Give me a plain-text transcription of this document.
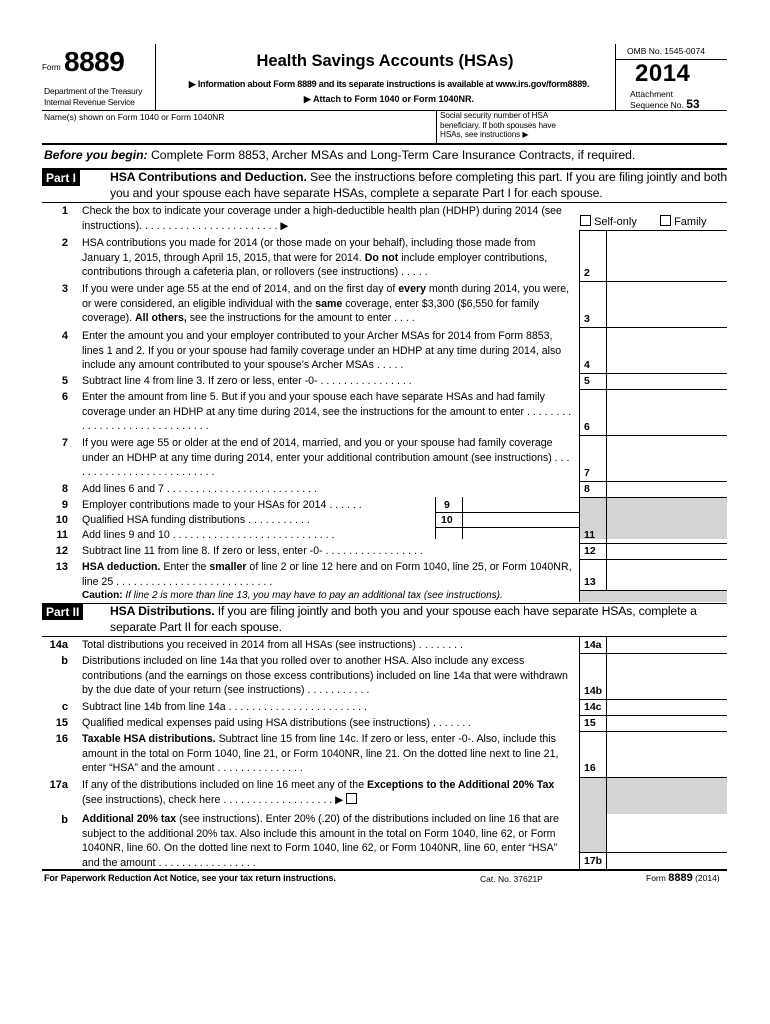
Form 8889
Department of the Treasury
Internal Revenue Service
Health Savings Accounts (HSAs)
▶ Information about Form 8889 and its separate instructions is available at www.irs.gov/form8889.
▶ Attach to Form 1040 or Form 1040NR.
OMB No. 1545-0074
2014
Attachment
Sequence No. 53
Name(s) shown on Form 1040 or Form 1040NR	Social security number of HSA beneficiary. If both spouses have HSAs, see instructions ▶
Before you begin: Complete Form 8853, Archer MSAs and Long-Term Care Insurance Contracts, if required.
Part I	HSA Contributions and Deduction. See the instructions before completing this part. If you are filing jointly and both you and your spouse each have separate HSAs, complete a separate Part I for each spouse.
1 Check the box to indicate your coverage under a high-deductible health plan (HDHP) during 2014 (see instructions). . . . . . . . . . . . . . . . . . . . . . . . ▶	Self-only	Family
2 HSA contributions you made for 2014 (or those made on your behalf), including those made from January 1, 2015, through April 15, 2015, that were for 2014. Do not include employer contributions, contributions through a cafeteria plan, or rollovers (see instructions) . . . . .	2
3 If you were under age 55 at the end of 2014, and on the first day of every month during 2014, you were, or were considered, an eligible individual with the same coverage, enter $3,300 ($6,550 for family coverage). All others, see the instructions for the amount to enter . . . .	3
4 Enter the amount you and your employer contributed to your Archer MSAs for 2014 from Form 8853, lines 1 and 2. If you or your spouse had family coverage under an HDHP at any time during 2014, also include any amount contributed to your spouse’s Archer MSAs . . . . .	4
5 Subtract line 4 from line 3. If zero or less, enter -0- . . . . . . . . . . . . . . . .	5
6 Enter the amount from line 5. But if you and your spouse each have separate HSAs and had family coverage under an HDHP at any time during 2014, see the instructions for the amount to enter . . . . . . . . . . . . . . . . . . . . . . . . . . . . . .	6
7 If you were age 55 or older at the end of 2014, married, and you or your spouse had family coverage under an HDHP at any time during 2014, enter your additional contribution amount (see instructions) . . . . . . . . . . . . . . . . . . . . . . . . . .	7
8 Add lines 6 and 7 . . . . . . . . . . . . . . . . . . . . . . . . . .	8
9 Employer contributions made to your HSAs for 2014 . . . . . .	9
10 Qualified HSA funding distributions . . . . . . . . . . .	10
11 Add lines 9 and 10 . . . . . . . . . . . . . . . . . . . . . . . . . . . .	11
12 Subtract line 11 from line 8. If zero or less, enter -0- . . . . . . . . . . . . . . . . .	12
13 HSA deduction. Enter the smaller of line 2 or line 12 here and on Form 1040, line 25, or Form 1040NR, line 25 . . . . . . . . . . . . . . . . . . . . . . . . . . .	13
Caution: If line 2 is more than line 13, you may have to pay an additional tax (see instructions).
Part II	HSA Distributions. If you are filing jointly and both you and your spouse each have separate HSAs, complete a separate Part II for each spouse.
14a Total distributions you received in 2014 from all HSAs (see instructions) . . . . . . . .	14a
b Distributions included on line 14a that you rolled over to another HSA. Also include any excess contributions (and the earnings on those excess contributions) included on line 14a that were withdrawn by the due date of your return (see instructions) . . . . . . . . . . .	14b
c Subtract line 14b from line 14a . . . . . . . . . . . . . . . . . . . . . . . .	14c
15 Qualified medical expenses paid using HSA distributions (see instructions) . . . . . . .	15
16 Taxable HSA distributions. Subtract line 15 from line 14c. If zero or less, enter -0-. Also, include this amount in the total on Form 1040, line 21, or Form 1040NR, line 21. On the dotted line next to line 21, enter “HSA” and the amount . . . . . . . . . . . . . . .	16
17a If any of the distributions included on line 16 meet any of the Exceptions to the Additional 20% Tax (see instructions), check here . . . . . . . . . . . . . . . . . . . ▶
b Additional 20% tax (see instructions). Enter 20% (.20) of the distributions included on line 16 that are subject to the additional 20% tax. Also include this amount in the total on Form 1040, line 62, or Form 1040NR, line 60. On the dotted line next to Form 1040, line 62, or Form 1040NR, line 60, enter “HSA” and the amount . . . . . . . . . . . . . . . . .	17b
For Paperwork Reduction Act Notice, see your tax return instructions.	Cat. No. 37621P	Form 8889 (2014)
